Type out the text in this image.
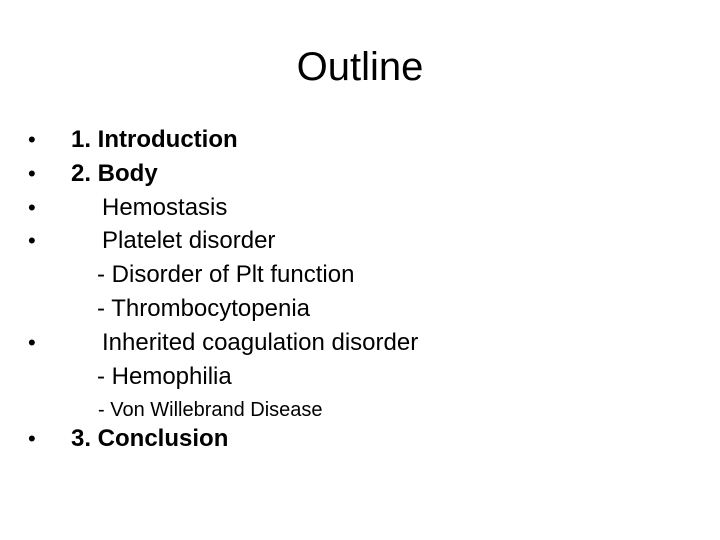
Outline
• 1. Introduction
• 2. Body
•	Hemostasis
•	Platelet disorder
- Disorder of Plt function
- Thrombocytopenia
•	Inherited coagulation disorder
- Hemophilia
- Von Willebrand Disease
• 3. Conclusion
